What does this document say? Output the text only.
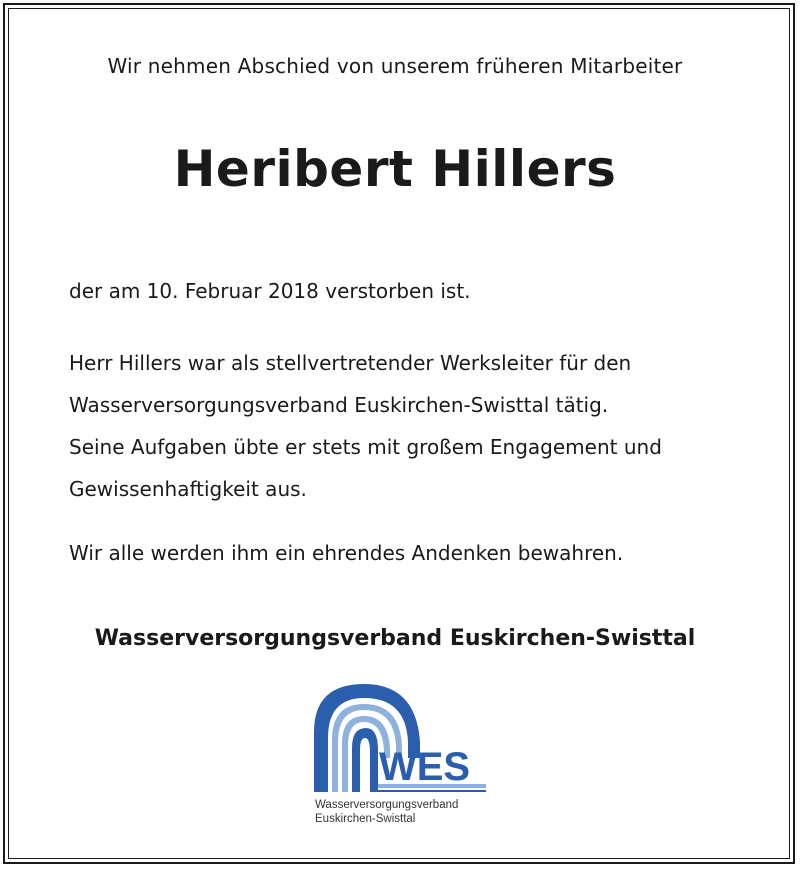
Wir nehmen Abschied von unserem früheren Mitarbeiter
Heribert Hillers
der am 10. Februar 2018 verstorben ist.
Herr Hillers war als stellvertretender Werksleiter für den
Wasserversorgungsverband Euskirchen-Swisttal tätig.
Seine Aufgaben übte er stets mit großem Engagement und
Gewissenhaftigkeit aus.
Wir alle werden ihm ein ehrendes Andenken bewahren.
Wasserversorgungsverband Euskirchen-Swisttal
WES
Wasserversorgungsverband
Euskirchen-Swisttal
